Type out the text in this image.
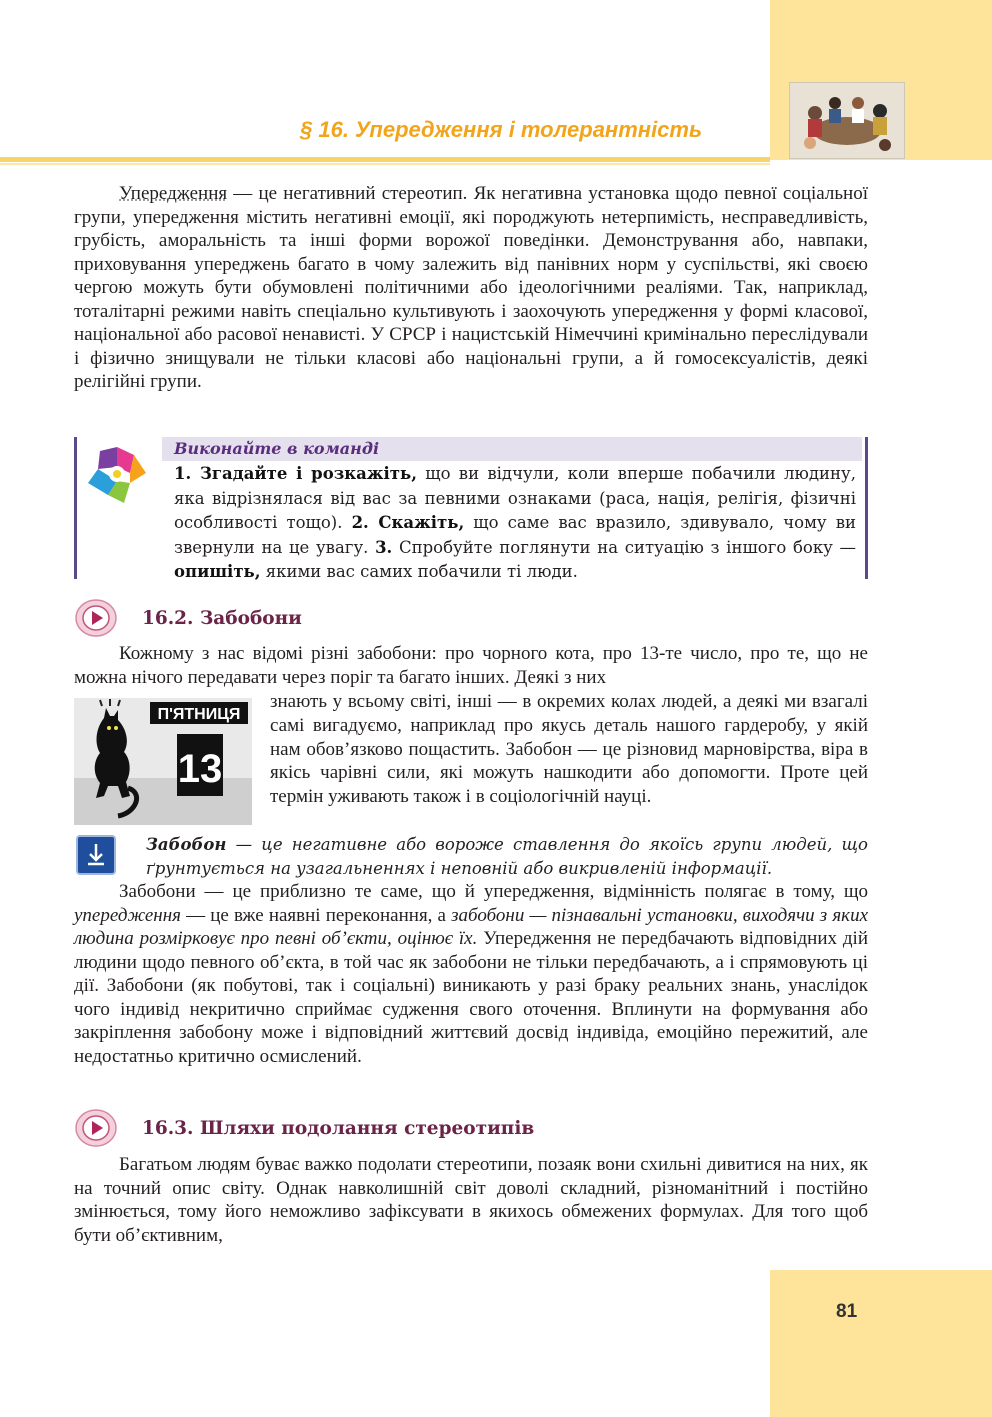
§ 16. Упередження і толерантність

Упередження — це негативний стереотип. Як негативна установка щодо певної соціальної групи, упередження містить негативні емоції, які породжують нетерпимість, несправедливість, грубість, аморальність та інші форми ворожої поведінки. Демонстрування або, навпаки, приховування упереджень багато в чому залежить від панівних норм у суспільстві, які своєю чергою можуть бути обумовлені політичними або ідеологічними реаліями. Так, наприклад, тоталітарні режими навіть спеціально культивують і заохочують упередження у формі класової, національної або расової ненависті. У СРСР і нацистській Німеччині кримінально переслідували і фізично знищували не тільки класові або національні групи, а й гомосексуалістів, деякі релігійні групи.

Виконайте в команді

1. Згадайте і розкажіть, що ви відчули, коли вперше побачили людину, яка відрізнялася від вас за певними ознаками (раса, нація, релігія, фізичні особливості тощо). 2. Скажіть, що саме вас вразило, здивувало, чому ви звернули на це увагу. 3. Спробуйте поглянути на ситуацію з іншого боку — опишіть, якими вас самих побачили ті люди.

16.2. Забобони

Кожному з нас відомі різні забобони: про чорного кота, про 13-те число, про те, що не можна нічого передавати через поріг та багато інших. Деякі з них

П'ЯТНИЦЯ
13

знають у всьому світі, інші — в окремих колах людей, а деякі ми взагалі самі вигадуємо, наприклад про якусь деталь нашого гардеробу, у якій нам обов’язково пощастить. Забобон — це різновид марновірства, віра в якісь чарівні сили, які можуть нашкодити або допомогти. Проте цей термін уживають також і в соціологічній науці.

Забобон — це негативне або вороже ставлення до якоїсь групи людей, що ґрунтується на узагальненнях і неповній або викривленій інформації.

Забобони — це приблизно те саме, що й упередження, відмінність полягає в тому, що упередження — це вже наявні переконання, а забобони — пізнавальні установки, виходячи з яких людина розмірковує про певні об’єкти, оцінює їх. Упередження не передбачають відповідних дій людини щодо певного об’єкта, в той час як забобони не тільки передбачають, а і спрямовують ці дії. Забобони (як побутові, так і соціальні) виникають у разі браку реальних знань, унаслідок чого індивід некритично сприймає судження свого оточення. Вплинути на формування або закріплення забобону може і відповідний життєвий досвід індивіда, емоційно пережитий, але недостатньо критично осмислений.

16.3. Шляхи подолання стереотипів

Багатьом людям буває важко подолати стереотипи, позаяк вони схильні дивитися на них, як на точний опис світу. Однак навколишній світ доволі складний, різноманітний і постійно змінюється, тому його неможливо зафіксувати в якихось обмежених формулах. Для того щоб бути об’єктивним,

81
